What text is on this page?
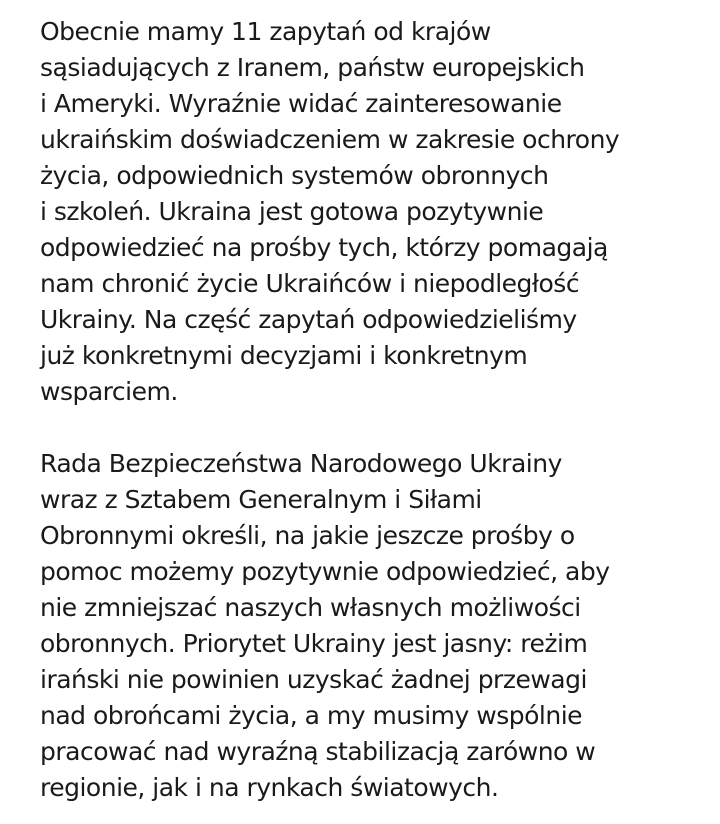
Obecnie mamy 11 zapytań od krajów
sąsiadujących z Iranem, państw europejskich
i Ameryki. Wyraźnie widać zainteresowanie
ukraińskim doświadczeniem w zakresie ochrony
życia, odpowiednich systemów obronnych
i szkoleń. Ukraina jest gotowa pozytywnie
odpowiedzieć na prośby tych, którzy pomagają
nam chronić życie Ukraińców i niepodległość
Ukrainy. Na część zapytań odpowiedzieliśmy
już konkretnymi decyzjami i konkretnym
wsparciem.

Rada Bezpieczeństwa Narodowego Ukrainy
wraz z Sztabem Generalnym i Siłami
Obronnymi określi, na jakie jeszcze prośby o
pomoc możemy pozytywnie odpowiedzieć, aby
nie zmniejszać naszych własnych możliwości
obronnych. Priorytet Ukrainy jest jasny: reżim
irański nie powinien uzyskać żadnej przewagi
nad obrońcami życia, a my musimy wspólnie
pracować nad wyraźną stabilizacją zarówno w
regionie, jak i na rynkach światowych.
